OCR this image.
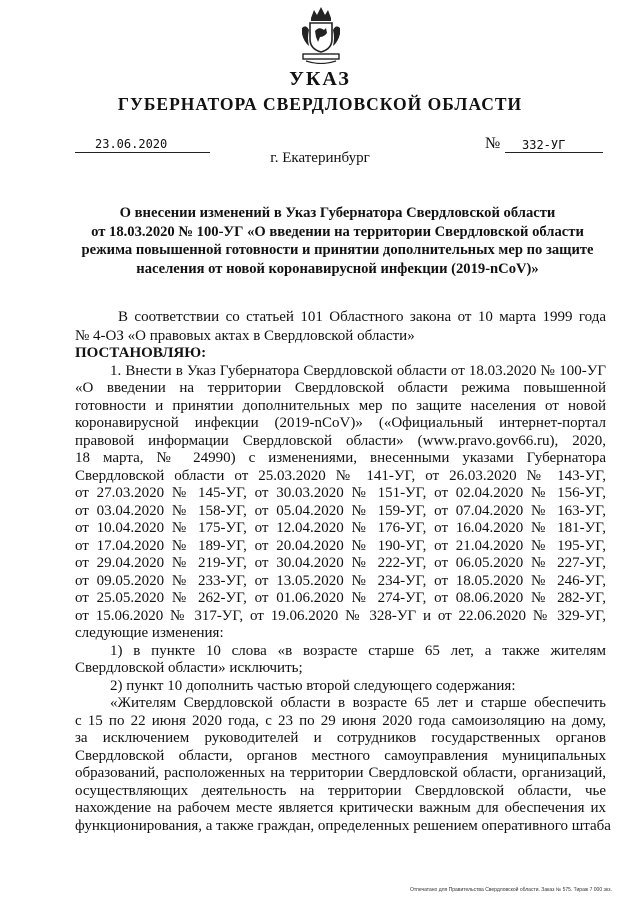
УКАЗ
ГУБЕРНАТОРА СВЕРДЛОВСКОЙ ОБЛАСТИ
23.06.2020	№ 332-УГ
г. Екатеринбург
О внесении изменений в Указ Губернатора Свердловской области
от 18.03.2020 № 100-УГ «О введении на территории Свердловской области
режима повышенной готовности и принятии дополнительных мер по защите
населения от новой коронавирусной инфекции (2019-nCoV)»
В соответствии со статьей 101 Областного закона от 10 марта 1999 года
№ 4-ОЗ «О правовых актах в Свердловской области»
ПОСТАНОВЛЯЮ:
1. Внести в Указ Губернатора Свердловской области от 18.03.2020 № 100-УГ
«О введении на территории Свердловской области режима повышенной
готовности и принятии дополнительных мер по защите населения от новой
коронавирусной инфекции (2019-nCoV)» («Официальный интернет-портал
правовой информации Свердловской области» (www.pravo.gov66.ru), 2020,
18 марта, № 24990) с изменениями, внесенными указами Губернатора
Свердловской области от 25.03.2020 № 141-УГ, от 26.03.2020 № 143-УГ,
от 27.03.2020 № 145-УГ, от 30.03.2020 № 151-УГ, от 02.04.2020 № 156-УГ,
от 03.04.2020 № 158-УГ, от 05.04.2020 № 159-УГ, от 07.04.2020 № 163-УГ,
от 10.04.2020 № 175-УГ, от 12.04.2020 № 176-УГ, от 16.04.2020 № 181-УГ,
от 17.04.2020 № 189-УГ, от 20.04.2020 № 190-УГ, от 21.04.2020 № 195-УГ,
от 29.04.2020 № 219-УГ, от 30.04.2020 № 222-УГ, от 06.05.2020 № 227-УГ,
от 09.05.2020 № 233-УГ, от 13.05.2020 № 234-УГ, от 18.05.2020 № 246-УГ,
от 25.05.2020 № 262-УГ, от 01.06.2020 № 274-УГ, от 08.06.2020 № 282-УГ,
от 15.06.2020 № 317-УГ, от 19.06.2020 № 328-УГ и от 22.06.2020 № 329-УГ,
следующие изменения:
1) в пункте 10 слова «в возрасте старше 65 лет, а также жителям
Свердловской области» исключить;
2) пункт 10 дополнить частью второй следующего содержания:
«Жителям Свердловской области в возрасте 65 лет и старше обеспечить
с 15 по 22 июня 2020 года, с 23 по 29 июня 2020 года самоизоляцию на дому,
за исключением руководителей и сотрудников государственных органов
Свердловской области, органов местного самоуправления муниципальных
образований, расположенных на территории Свердловской области, организаций,
осуществляющих деятельность на территории Свердловской области, чье
нахождение на рабочем месте является критически важным для обеспечения их
функционирования, а также граждан, определенных решением оперативного штаба
Отпечатано для Правительства Свердловской области. Заказ № 575. Тираж 7 000 экз.
